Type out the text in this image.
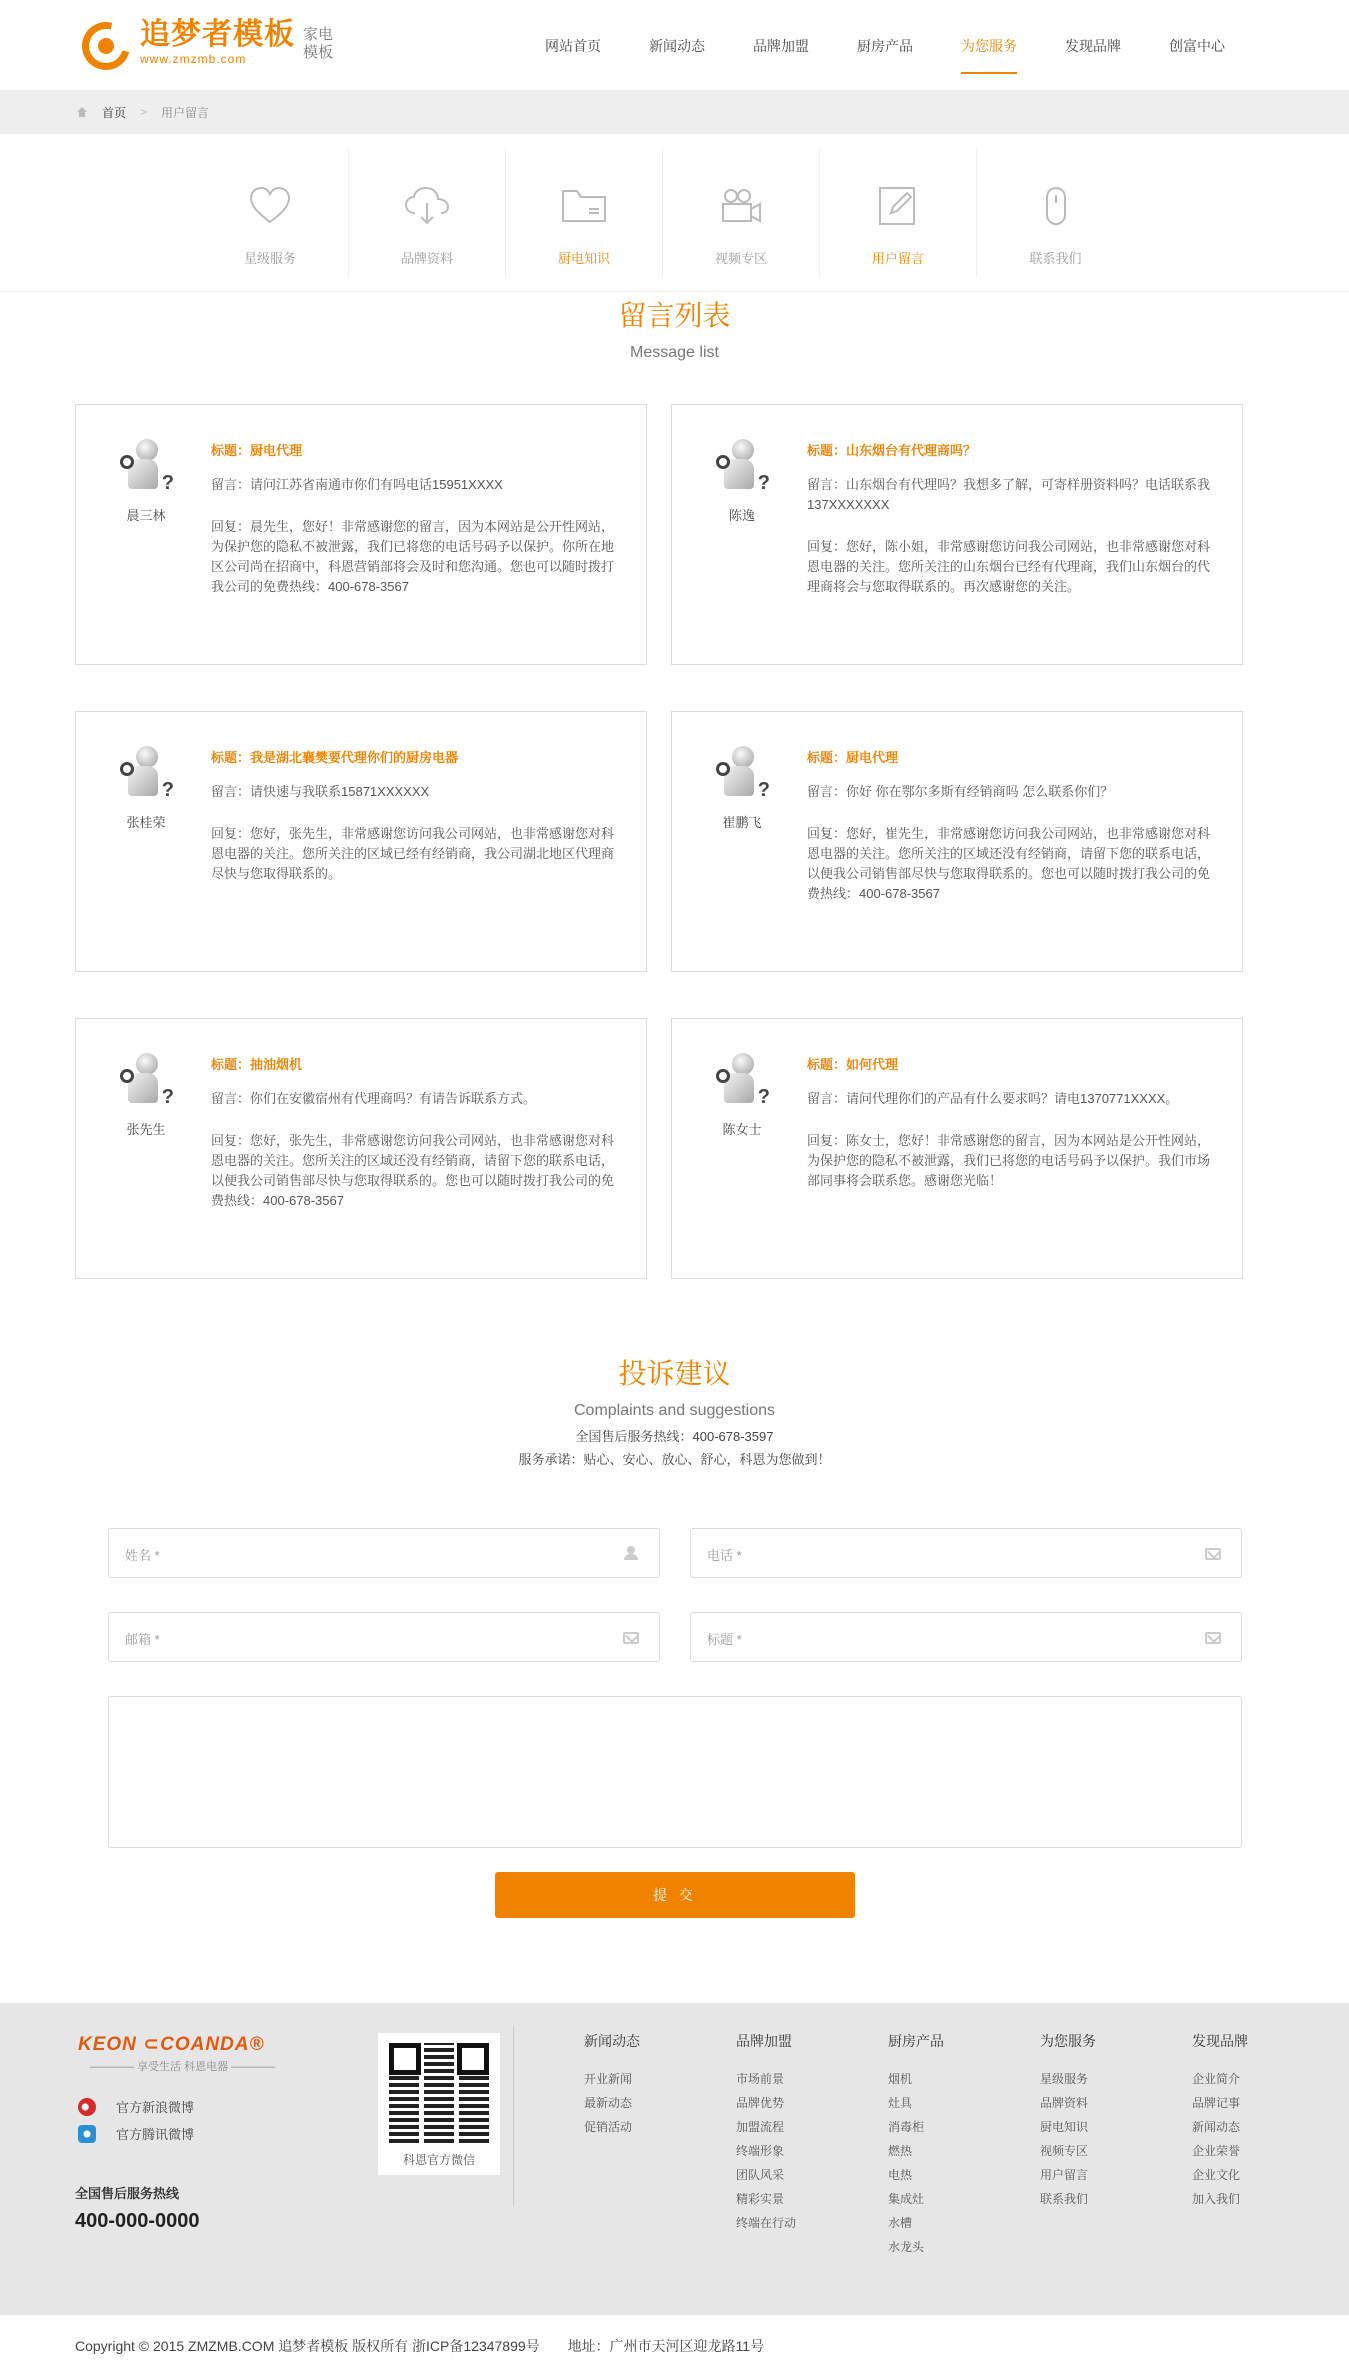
追梦者模板
www.zmzmb.com
家电模板	网站首页	新闻动态	品牌加盟	厨房产品	为您服务	发现品牌	创富中心
首页 > 用户留言
星级服务	品牌资料	厨电知识	视频专区	用户留言	联系我们
留言列表
Message list
?
晨三林
标题：厨电代理
留言：请问江苏省南通市你们有吗电话15951XXXX
回复：晨先生，您好！非常感谢您的留言，因为本网站是公开性网站，为保护您的隐私不被泄露，我们已将您的电话号码予以保护。你所在地区公司尚在招商中，科恩营销部将会及时和您沟通。您也可以随时拨打我公司的免费热线：400-678-3567
?
陈逸
标题：山东烟台有代理商吗？
留言：山东烟台有代理吗？我想多了解，可寄样册资料吗？电话联系我 137XXXXXXX
回复：您好，陈小姐，非常感谢您访问我公司网站，也非常感谢您对科恩电器的关注。您所关注的山东烟台已经有代理商，我们山东烟台的代理商将会与您取得联系的。再次感谢您的关注。
?
张桂荣
标题：我是湖北襄樊要代理你们的厨房电器
留言：请快速与我联系15871XXXXXX
回复：您好，张先生，非常感谢您访问我公司网站，也非常感谢您对科恩电器的关注。您所关注的区域已经有经销商，我公司湖北地区代理商尽快与您取得联系的。
?
崔鹏飞
标题：厨电代理
留言：你好 你在鄂尔多斯有经销商吗 怎么联系你们？
回复：您好，崔先生，非常感谢您访问我公司网站，也非常感谢您对科恩电器的关注。您所关注的区域还没有经销商，请留下您的联系电话，以便我公司销售部尽快与您取得联系的。您也可以随时拨打我公司的免费热线：400-678-3567
?
张先生
标题：抽油烟机
留言：你们在安徽宿州有代理商吗？有请告诉联系方式。
回复：您好，张先生，非常感谢您访问我公司网站，也非常感谢您对科恩电器的关注。您所关注的区域还没有经销商，请留下您的联系电话，以便我公司销售部尽快与您取得联系的。您也可以随时拨打我公司的免费热线：400-678-3567
?
陈女士
标题：如何代理
留言：请问代理你们的产品有什么要求吗？请电1370771XXXX。
回复：陈女士，您好！非常感谢您的留言，因为本网站是公开性网站，为保护您的隐私不被泄露，我们已将您的电话号码予以保护。我们市场部同事将会联系您。感谢您光临！
投诉建议
Complaints and suggestions
全国售后服务热线：400-678-3597
服务承诺：贴心、安心、放心、舒心，科恩为您做到！
姓名 *	电话 *
邮箱 *	标题 *
提 交
KEON ⊂COANDA®
———— 享受生活 科恩电器 ————
官方新浪微博
官方腾讯微博
全国售后服务热线
400-000-0000
科恩官方微信
新闻动态
开业新闻
最新动态
促销活动
品牌加盟
市场前景
品牌优势
加盟流程
终端形象
团队风采
精彩实景
终端在行动
厨房产品
烟机
灶具
消毒柜
燃热
电热
集成灶
水槽
水龙头
为您服务
星级服务
品牌资料
厨电知识
视频专区
用户留言
联系我们
发现品牌
企业简介
品牌记事
新闻动态
企业荣誉
企业文化
加入我们
Copyright © 2015 ZMZMB.COM 追梦者模板 版权所有 浙ICP备12347899号 地址：广州市天河区迎龙路11号
